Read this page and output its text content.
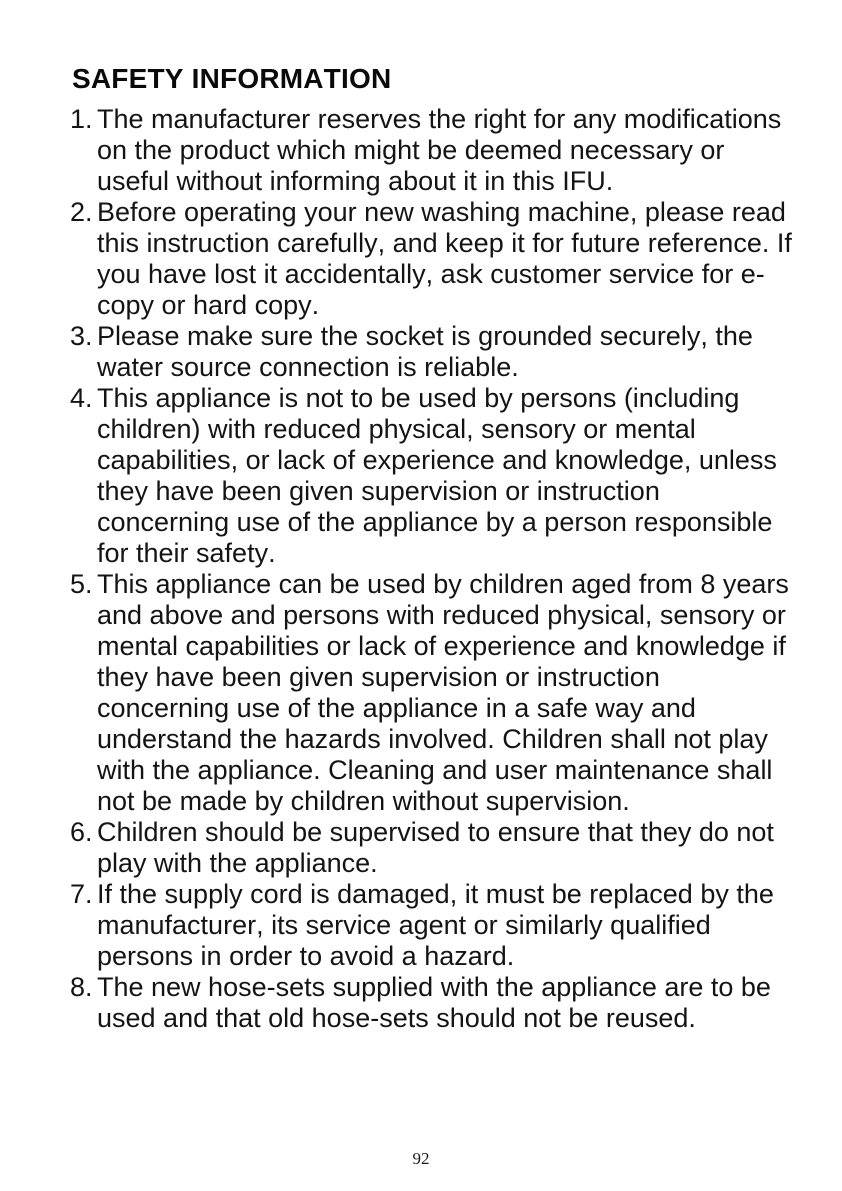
SAFETY INFORMATION
1. The manufacturer reserves the right for any modifications on the product which might be deemed necessary or useful without informing about it in this IFU.
2. Before operating your new washing machine, please read this instruction carefully, and keep it for future reference. If you have lost it accidentally, ask customer service for e-copy or hard copy.
3. Please make sure the socket is grounded securely, the water source connection is reliable.
4. This appliance is not to be used by persons (including children) with reduced physical, sensory or mental capabilities, or lack of experience and knowledge, unless they have been given supervision or instruction concerning use of the appliance by a person responsible for their safety.
5. This appliance can be used by children aged from 8 years and above and persons with reduced physical, sensory or mental capabilities or lack of experience and knowledge if they have been given supervision or instruction concerning use of the appliance in a safe way and understand the hazards involved. Children shall not play with the appliance. Cleaning and user maintenance shall not be made by children without supervision.
6. Children should be supervised to ensure that they do not play with the appliance.
7. If the supply cord is damaged, it must be replaced by the manufacturer, its service agent or similarly qualified persons in order to avoid a hazard.
8. The new hose-sets supplied with the appliance are to be used and that old hose-sets should not be reused.
92
